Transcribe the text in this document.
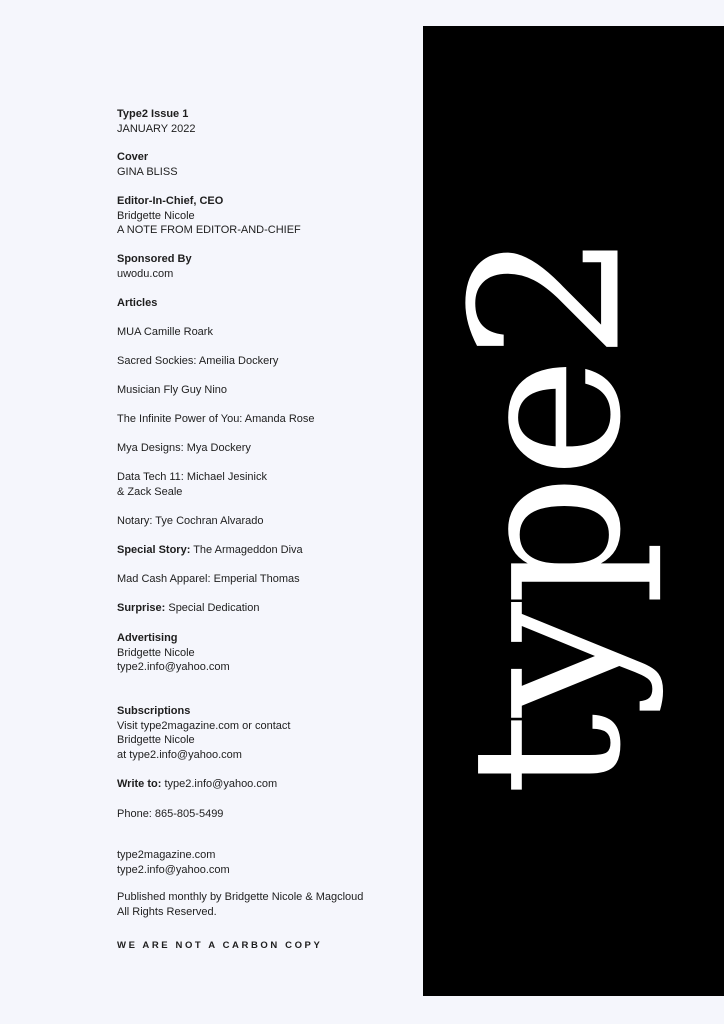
Type2 Issue 1
JANUARY 2022
Cover
GINA BLISS
Editor-In-Chief, CEO
Bridgette Nicole
A NOTE FROM EDITOR-AND-CHIEF
Sponsored By
uwodu.com
Articles
MUA Camille Roark
Sacred Sockies: Ameilia Dockery
Musician Fly Guy Nino
The Infinite Power of You: Amanda Rose
Mya Designs: Mya Dockery
Data Tech 11: Michael Jesinick
& Zack Seale
Notary: Tye Cochran Alvarado
Special Story: The Armageddon Diva
Mad Cash Apparel: Emperial Thomas
Surprise: Special Dedication
Advertising
Bridgette Nicole
type2.info@yahoo.com
Subscriptions
Visit type2magazine.com or contact
Bridgette Nicole
at type2.info@yahoo.com
Write to: type2.info@yahoo.com
Phone: 865-805-5499
type2magazine.com
type2.info@yahoo.com
Published monthly by Bridgette Nicole & Magcloud
All Rights Reserved.
WE ARE NOT A CARBON COPY
type2
